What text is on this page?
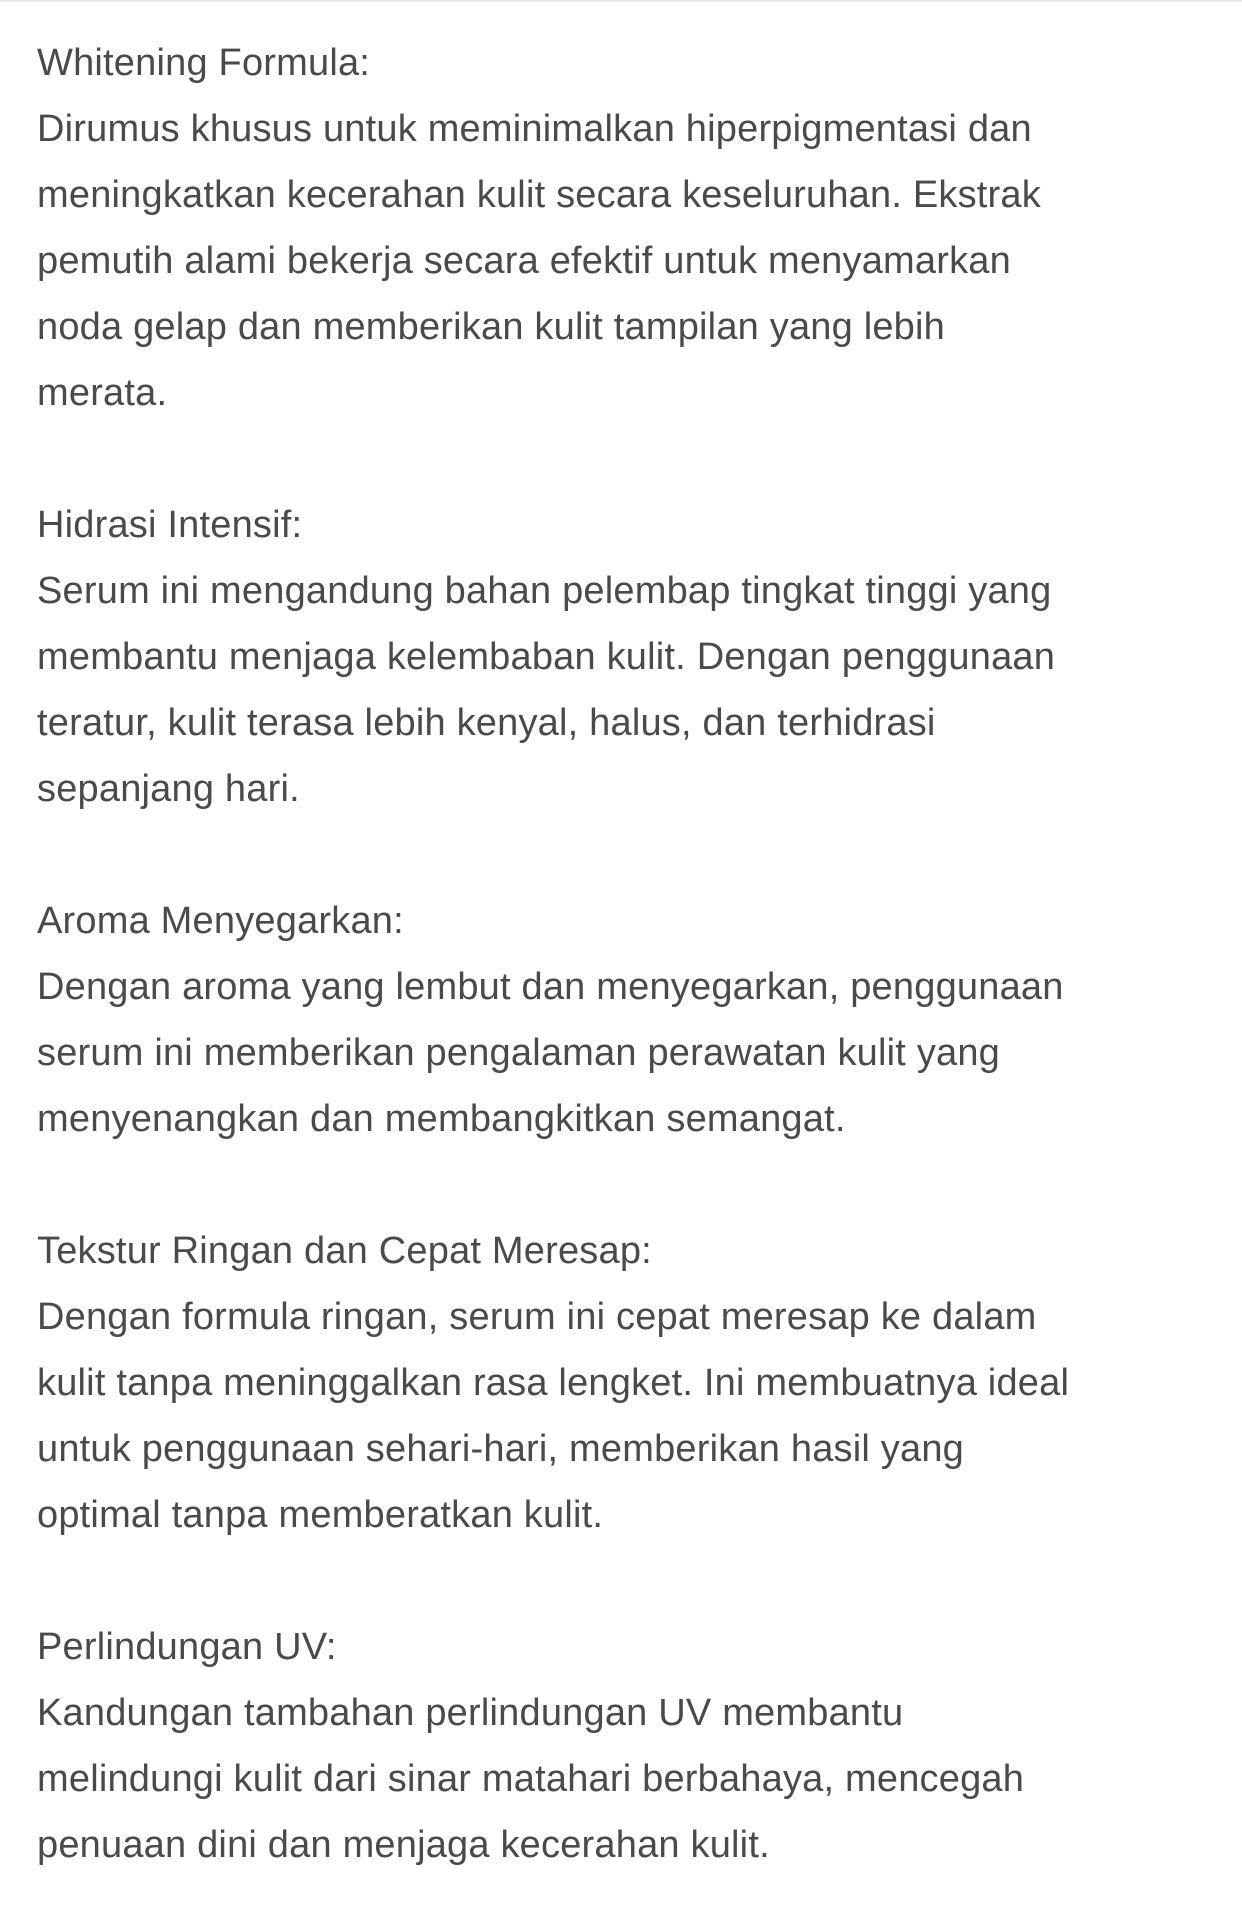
Whitening Formula:

Dirumus khusus untuk meminimalkan hiperpigmentasi dan
meningkatkan kecerahan kulit secara keseluruhan. Ekstrak
pemutih alami bekerja secara efektif untuk menyamarkan
noda gelap dan memberikan kulit tampilan yang lebih
merata.

Hidrasi Intensif:

Serum ini mengandung bahan pelembap tingkat tinggi yang
membantu menjaga kelembaban kulit. Dengan penggunaan
teratur, kulit terasa lebih kenyal, halus, dan terhidrasi
sepanjang hari.

Aroma Menyegarkan:

Dengan aroma yang lembut dan menyegarkan, penggunaan
serum ini memberikan pengalaman perawatan kulit yang
menyenangkan dan membangkitkan semangat.

Tekstur Ringan dan Cepat Meresap:

Dengan formula ringan, serum ini cepat meresap ke dalam
kulit tanpa meninggalkan rasa lengket. Ini membuatnya ideal
untuk penggunaan sehari-hari, memberikan hasil yang
optimal tanpa memberatkan kulit.

Perlindungan UV:

Kandungan tambahan perlindungan UV membantu
melindungi kulit dari sinar matahari berbahaya, mencegah
penuaan dini dan menjaga kecerahan kulit.
